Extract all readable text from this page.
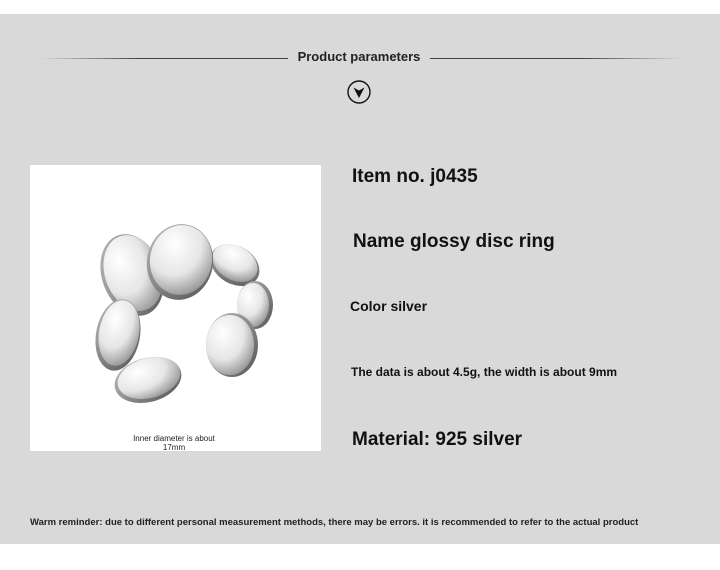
Product parameters
Inner diameter is about
17mm
Item no. j0435
Name glossy disc ring
Color silver
The data is about 4.5g, the width is about 9mm
Material: 925 silver
Warm reminder: due to different personal measurement methods, there may be errors. it is recommended to refer to the actual product
